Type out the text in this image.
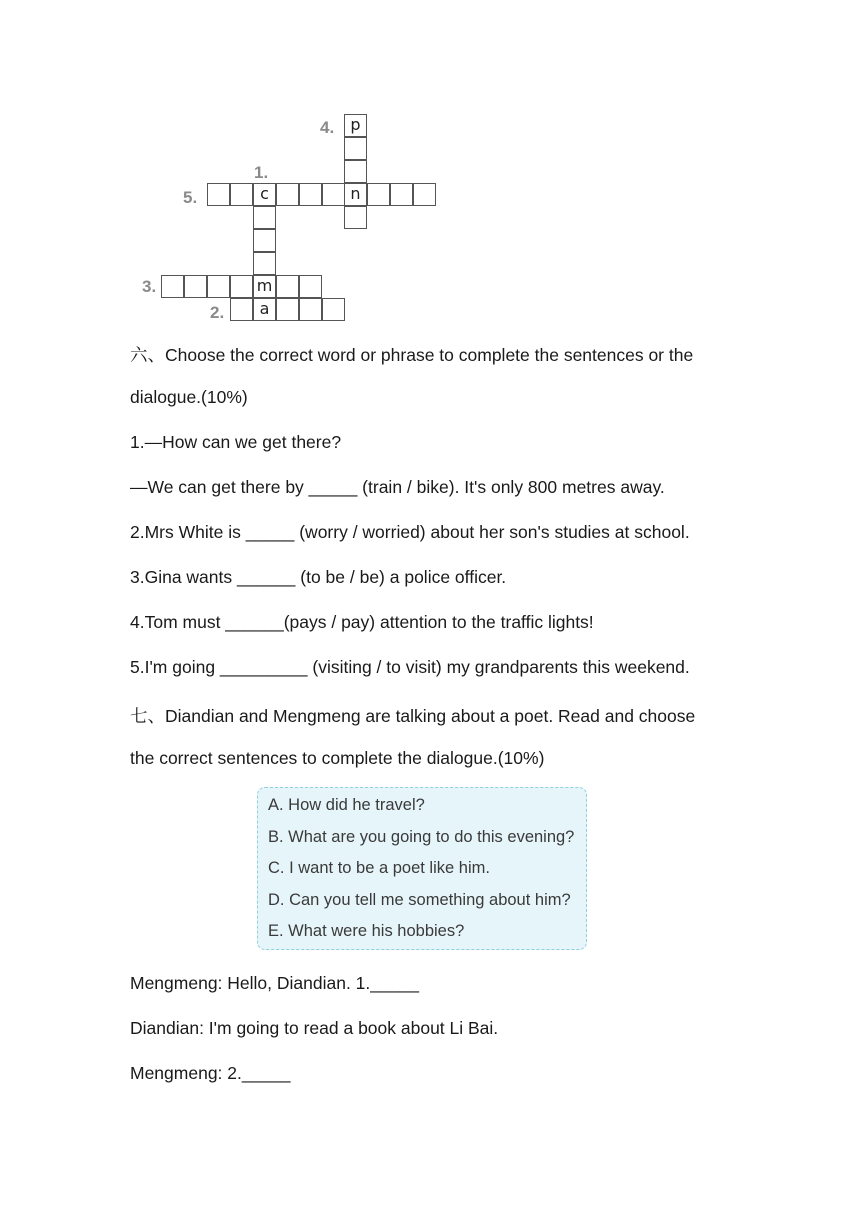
4.
1.
5.
3.
2.
p
c	n
m
a
六、Choose the correct word or phrase to complete the sentences or the
dialogue.(10%)
1.—How can we get there?
—We can get there by _____ (train / bike). It's only 800 metres away.
2.Mrs White is _____ (worry / worried) about her son's studies at school.
3.Gina wants ______ (to be / be) a police officer.
4.Tom must ______(pays / pay) attention to the traffic lights!
5.I'm going _________ (visiting / to visit) my grandparents this weekend.
七、Diandian and Mengmeng are talking about a poet. Read and choose
the correct sentences to complete the dialogue.(10%)
A. How did he travel?
B. What are you going to do this evening?
C. I want to be a poet like him.
D. Can you tell me something about him?
E. What were his hobbies?
Mengmeng: Hello, Diandian. 1._____
Diandian: I'm going to read a book about Li Bai.
Mengmeng: 2._____
